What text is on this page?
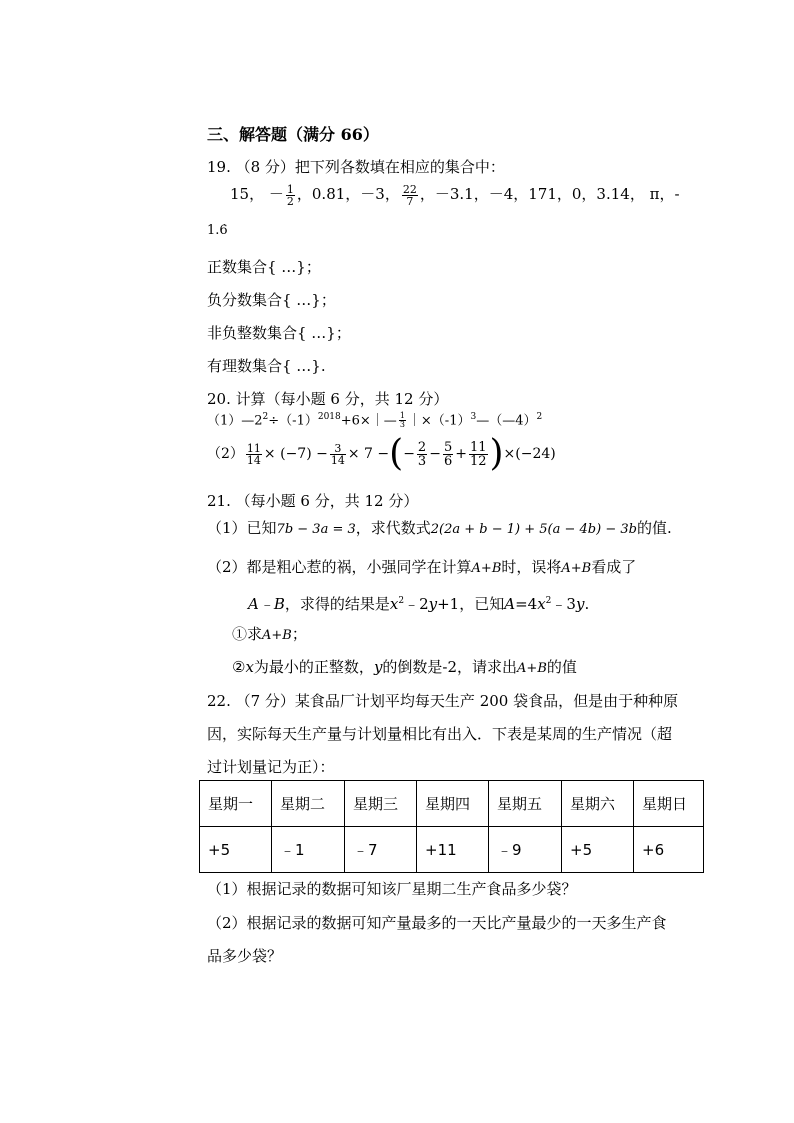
三、解答题（满分 66）
19. （8 分）把下列各数填在相应的集合中：
15， － $\frac{1}{2}$ ，0.81，－3， $\frac{22}{7}$ ，－3.1，－4，171，0，3.14， π，-
1.6̇
正数集合{ …}；
负分数集合{ …}；
非负整数集合{ …}；
有理数集合{ …}.
20. 计算（每小题 6 分，共 12 分）
$(1)—2^2\div(-1)^{2018}+6\times|— \frac{1}{3}$ $|\times(-1)^3—(—4)^2$
$(2) \frac{11}{14} \times (-7) - \frac{3}{14} \times 7$ −(− $\frac{2}{3} - \frac{5}{6} + \frac{11}{12} )\times(-24)$
21. （每小题 6 分，共 12 分）
（1）已知7b − 3a = 3，求代数式2(2a + b − 1) + 5(a − 4b) − 3b的值.
（2）都是粗心惹的祸，小强同学在计算A+B时，误将A+B看成了
A﹣B，求得的结果是$x^2﹣2y+1$，已知$A=4x^2﹣3y$.
①求A+B；
②x为最小的正整数，y的倒数是-2，请求出A+B的值
22. （7 分）某食品厂计划平均每天生产 200 袋食品，但是由于种种原
因，实际每天生产量与计划量相比有出入．下表是某周的生产情况（超
过计划量记为正）：
星期一	星期二	星期三	星期四	星期五	星期六	星期日
+5	﹣1	﹣7	+11	﹣9	+5	+6
（1）根据记录的数据可知该厂星期二生产食品多少袋？
（2）根据记录的数据可知产量最多的一天比产量最少的一天多生产食
品多少袋？
